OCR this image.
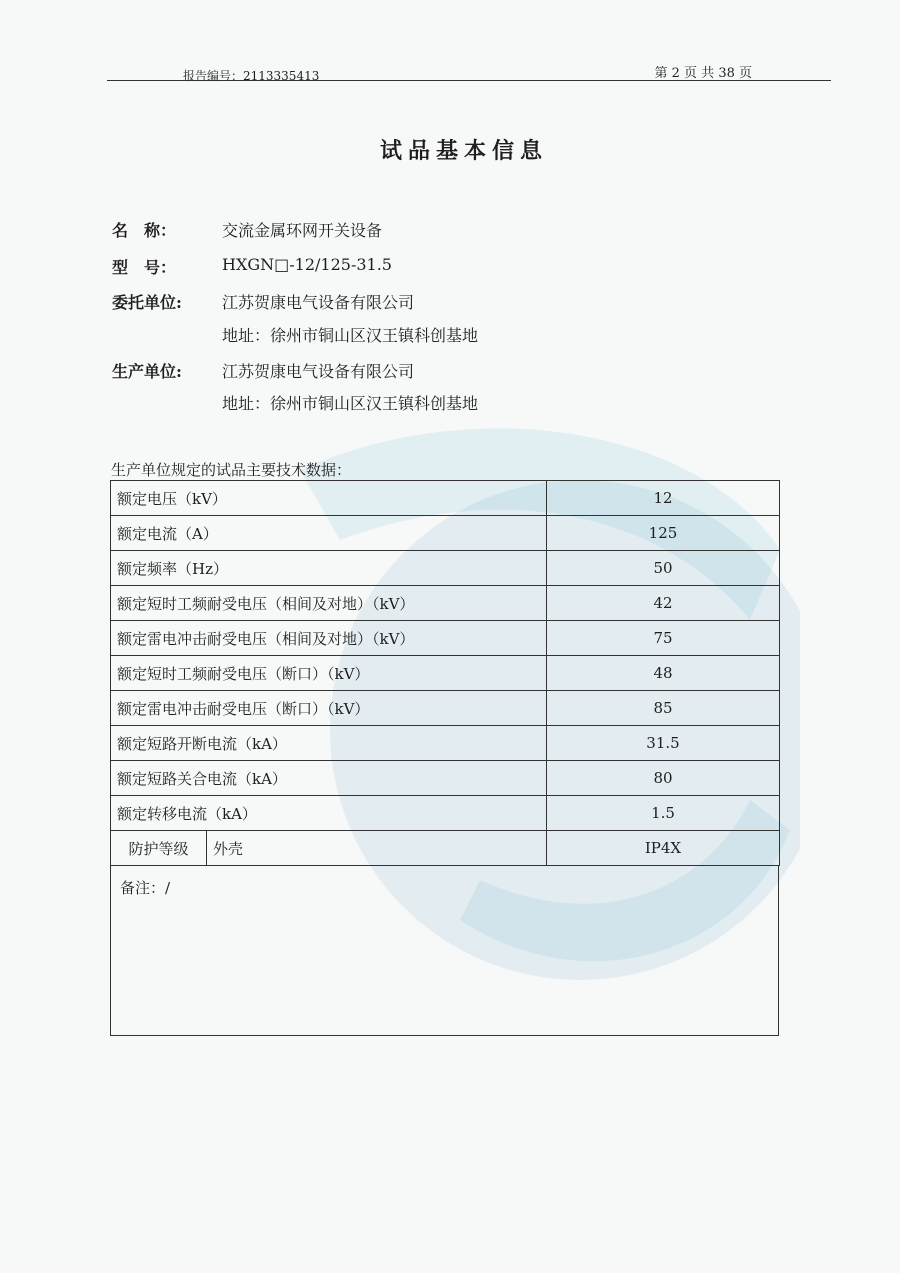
报告编号：2113335413	第 2 页 共 38 页
试品基本信息
名　称：	交流金属环网开关设备
型　号：	HXGN□-12/125-31.5
委托单位:	江苏贺康电气设备有限公司
地址：徐州市铜山区汉王镇科创基地
生产单位:	江苏贺康电气设备有限公司
地址：徐州市铜山区汉王镇科创基地
生产单位规定的试品主要技术数据：
额定电压（kV）		12
额定电流（A）		125
额定频率（Hz）		50
额定短时工频耐受电压（相间及对地）（kV）		42
额定雷电冲击耐受电压（相间及对地）（kV）		75
额定短时工频耐受电压（断口）（kV）		48
额定雷电冲击耐受电压（断口）（kV）		85
额定短路开断电流（kA）		31.5
额定短路关合电流（kA）		80
额定转移电流（kA）		1.5
防护等级	外壳	IP4X
备注：/
